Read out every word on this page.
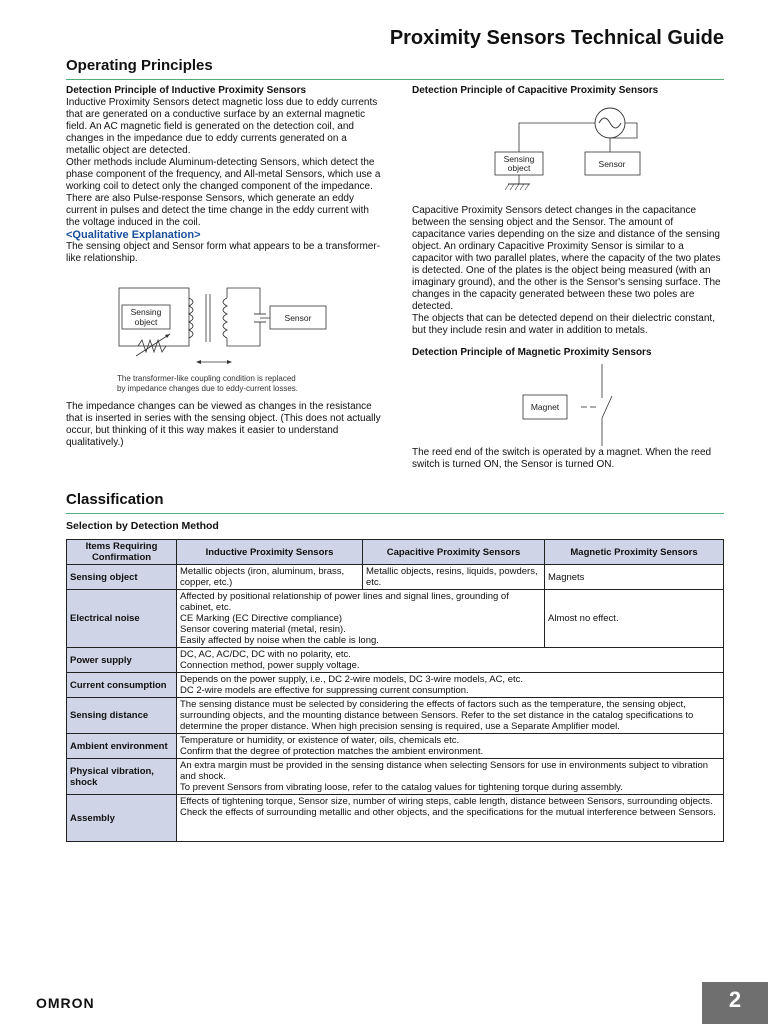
Proximity Sensors Technical Guide
Operating Principles

Detection Principle of Inductive Proximity Sensors

Inductive Proximity Sensors detect magnetic loss due to eddy currents that are generated on a conductive surface by an external magnetic field. An AC magnetic field is generated on the detection coil, and changes in the impedance due to eddy currents generated on a metallic object are detected.

Other methods include Aluminum-detecting Sensors, which detect the phase component of the frequency, and All-metal Sensors, which use a working coil to detect only the changed component of the impedance. There are also Pulse-response Sensors, which generate an eddy current in pulses and detect the time change in the eddy current with the voltage induced in the coil.

<Qualitative Explanation>

The sensing object and Sensor form what appears to be a transformer-like relationship.

Sensing
object	Sensor
The transformer-like coupling condition is replaced
by impedance changes due to eddy-current losses.

The impedance changes can be viewed as changes in the resistance that is inserted in series with the sensing object. (This does not actually occur, but thinking of it this way makes it easier to understand qualitatively.)

Detection Principle of Capacitive Proximity Sensors

Sensing
object	Sensor

Capacitive Proximity Sensors detect changes in the capacitance between the sensing object and the Sensor. The amount of capacitance varies depending on the size and distance of the sensing object. An ordinary Capacitive Proximity Sensor is similar to a capacitor with two parallel plates, where the capacity of the two plates is detected. One of the plates is the object being measured (with an imaginary ground), and the other is the Sensor's sensing surface. The changes in the capacity generated between these two poles are detected.

The objects that can be detected depend on their dielectric constant, but they include resin and water in addition to metals.

Detection Principle of Magnetic Proximity Sensors

Magnet

The reed end of the switch is operated by a magnet. When the reed switch is turned ON, the Sensor is turned ON.

Classification
Selection by Detection Method
Items Requiring Confirmation	Inductive Proximity Sensors	Capacitive Proximity Sensors	Magnetic Proximity Sensors
Sensing object	Metallic objects (iron, aluminum, brass, copper, etc.)	Metallic objects, resins, liquids, powders, etc.	Magnets
Electrical noise	Affected by positional relationship of power lines and signal lines, grounding of cabinet, etc.
CE Marking (EC Directive compliance)
Sensor covering material (metal, resin).
Easily affected by noise when the cable is long.		Almost no effect.
Power supply	DC, AC, AC/DC, DC with no polarity, etc.
Connection method, power supply voltage.		

Current consumption	Depends on the power supply, i.e., DC 2-wire models, DC 3-wire models, AC, etc.
DC 2-wire models are effective for suppressing current consumption.		

Sensing distance	The sensing distance must be selected by considering the effects of factors such as the temperature, the sensing object, surrounding objects, and the mounting distance between Sensors. Refer to the set distance in the catalog specifications to determine the proper distance. When high precision sensing is required, use a Separate Amplifier model.		
Ambient environment	Temperature or humidity, or existence of water, oils, chemicals etc.
Confirm that the degree of protection matches the ambient environment.		

Physical vibration, shock	An extra margin must be provided in the sensing distance when selecting Sensors for use in environments subject to vibration and shock.
To prevent Sensors from vibrating loose, refer to the catalog values for tightening torque during assembly.		

Assembly	Effects of tightening torque, Sensor size, number of wiring steps, cable length, distance between Sensors, surrounding objects.
Check the effects of surrounding metallic and other objects, and the specifications for the mutual interference between Sensors.		
OMRON	2
